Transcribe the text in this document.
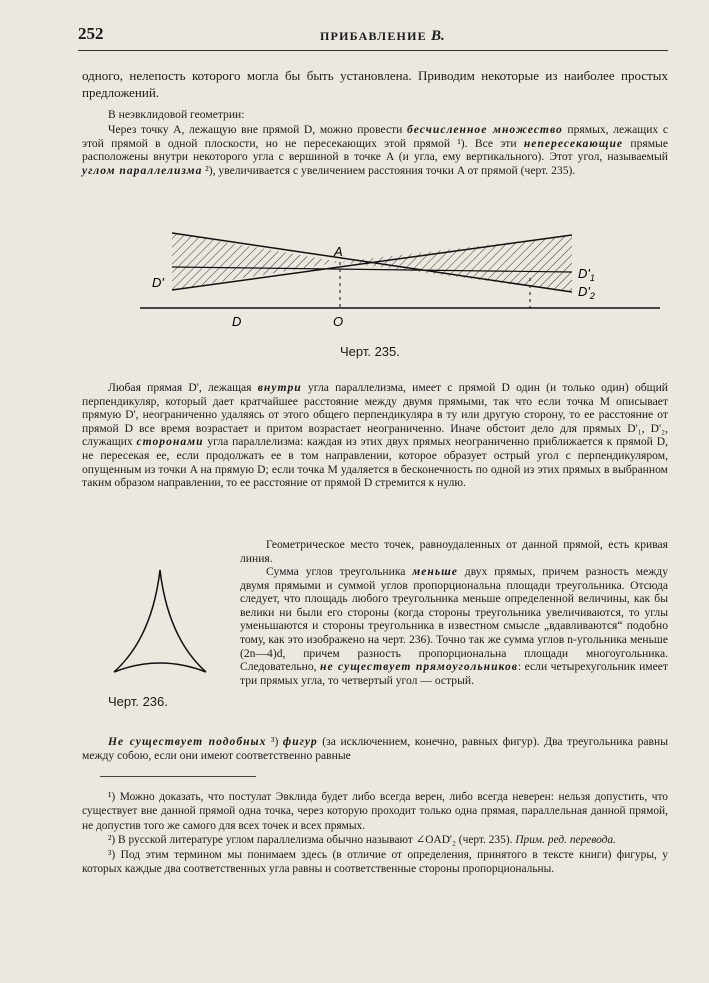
252	ПРИБАВЛЕНИЕ B.
одного, нелепость которого могла бы быть установлена. Приводим некоторые из наиболее простых предложений.
В неэвклидовой геометрии:
Через точку A, лежащую вне прямой D, можно провести бесчисленное множество прямых, лежащих с этой прямой в одной плоскости, но не пересекающих этой прямой ¹). Все эти непересекающие прямые расположены внутри некоторого угла с вершиной в точке A (и угла, ему вертикального). Этот угол, называемый углом параллелизма ²), увеличивается с увеличением расстояния точки A от прямой (черт. 235).
A
D'
$D'_1$
$D'_2$
D	O
Черт. 235.
Любая прямая D', лежащая внутри угла параллелизма, имеет с прямой D один (и только один) общий перпендикуляр, который дает кратчайшее расстояние между двумя прямыми, так что если точка M описывает прямую D', неограниченно удаляясь от этого общего перпендикуляра в ту или другую сторону, то ее расстояние от прямой D все время возрастает и притом возрастает неограниченно. Иначе обстоит дело для прямых D'₁, D'₂, служащих сторонами угла параллелизма: каждая из этих двух прямых неограниченно приближается к прямой D, не пересекая ее, если продолжать ее в том направлении, которое образует острый угол с перпендикуляром, опущенным из точки A на прямую D; если точка M удаляется в бесконечность по одной из этих прямых в выбранном таким образом направлении, то ее расстояние от прямой D стремится к нулю.
Геометрическое место точек, равноудаленных от данной прямой, есть кривая линия.
Сумма углов треугольника меньше двух прямых, причем разность между двумя прямыми и суммой углов пропорциональна площади треугольника. Отсюда следует, что площадь любого треугольника меньше определенной величины, как бы велики ни были его стороны (когда стороны треугольника увеличиваются, то углы уменьшаются и стороны треугольника в известном смысле „вдавливаются“ подобно тому, как это изображено на черт. 236). Точно так же сумма углов n-угольника меньше (2n—4)d, причем разность пропорциональна площади многоугольника. Следовательно, не существует прямоугольников: если четырехугольник имеет три прямых угла, то четвертый угол — острый.
Черт. 236.
Не существует подобных ³) фигур (за исключением, конечно, равных фигур). Два треугольника равны между собою, если они имеют соответственно равные

¹) Можно доказать, что постулат Эвклида будет либо всегда верен, либо всегда неверен: нельзя допустить, что существует вне данной прямой одна точка, через которую проходит только одна прямая, параллельная данной прямой, не допустив того же самого для всех точек и всех прямых.

²) В русской литературе углом параллелизма обычно называют ∠OAD'₂ (черт. 235). Прим. ред. перевода.

³) Под этим термином мы понимаем здесь (в отличие от определения, принятого в тексте книги) фигуры, у которых каждые два соответственных угла равны и соответственные стороны пропорциональны.
